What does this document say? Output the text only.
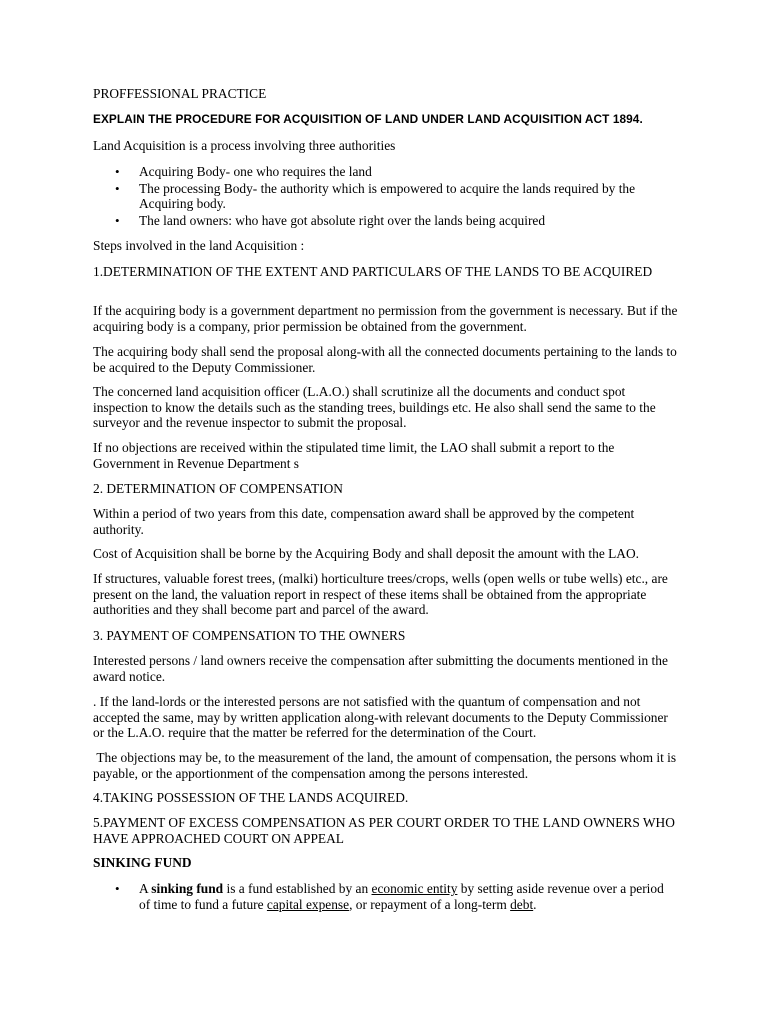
PROFFESSIONAL PRACTICE

EXPLAIN THE PROCEDURE FOR ACQUISITION OF LAND UNDER LAND ACQUISITION ACT 1894.

Land Acquisition is a process involving three authorities

• Acquiring Body- one who requires the land
• The processing Body- the authority which is empowered to acquire the lands required by the Acquiring body.
• The land owners: who have got absolute right over the lands being acquired

Steps involved in the land Acquisition :

1.DETERMINATION OF THE EXTENT AND PARTICULARS OF THE LANDS TO BE ACQUIRED

If the acquiring body is a government department no permission from the government is necessary. But if the acquiring body is a company, prior permission be obtained from the government.

The acquiring body shall send the proposal along-with all the connected documents pertaining to the lands to be acquired to the Deputy Commissioner.

The concerned land acquisition officer (L.A.O.) shall scrutinize all the documents and conduct spot inspection to know the details such as the standing trees, buildings etc. He also shall send the same to the surveyor and the revenue inspector to submit the proposal.

If no objections are received within the stipulated time limit, the LAO shall submit a report to the Government in Revenue Department s

2. DETERMINATION OF COMPENSATION

Within a period of two years from this date, compensation award shall be approved by the competent authority.

Cost of Acquisition shall be borne by the Acquiring Body and shall deposit the amount with the LAO.

If structures, valuable forest trees, (malki) horticulture trees/crops, wells (open wells or tube wells) etc., are present on the land, the valuation report in respect of these items shall be obtained from the appropriate authorities and they shall become part and parcel of the award.

3. PAYMENT OF COMPENSATION TO THE OWNERS

Interested persons / land owners receive the compensation after submitting the documents mentioned in the award notice.

. If the land-lords or the interested persons are not satisfied with the quantum of compensation and not accepted the same, may by written application along-with relevant documents to the Deputy Commissioner or the L.A.O. require that the matter be referred for the determination of the Court.

The objections may be, to the measurement of the land, the amount of compensation, the persons whom it is payable, or the apportionment of the compensation among the persons interested.

4.TAKING POSSESSION OF THE LANDS ACQUIRED.

5.PAYMENT OF EXCESS COMPENSATION AS PER COURT ORDER TO THE LAND OWNERS WHO HAVE APPROACHED COURT ON APPEAL

SINKING FUND

• A sinking fund is a fund established by an economic entity by setting aside revenue over a period of time to fund a future capital expense, or repayment of a long-term debt.
